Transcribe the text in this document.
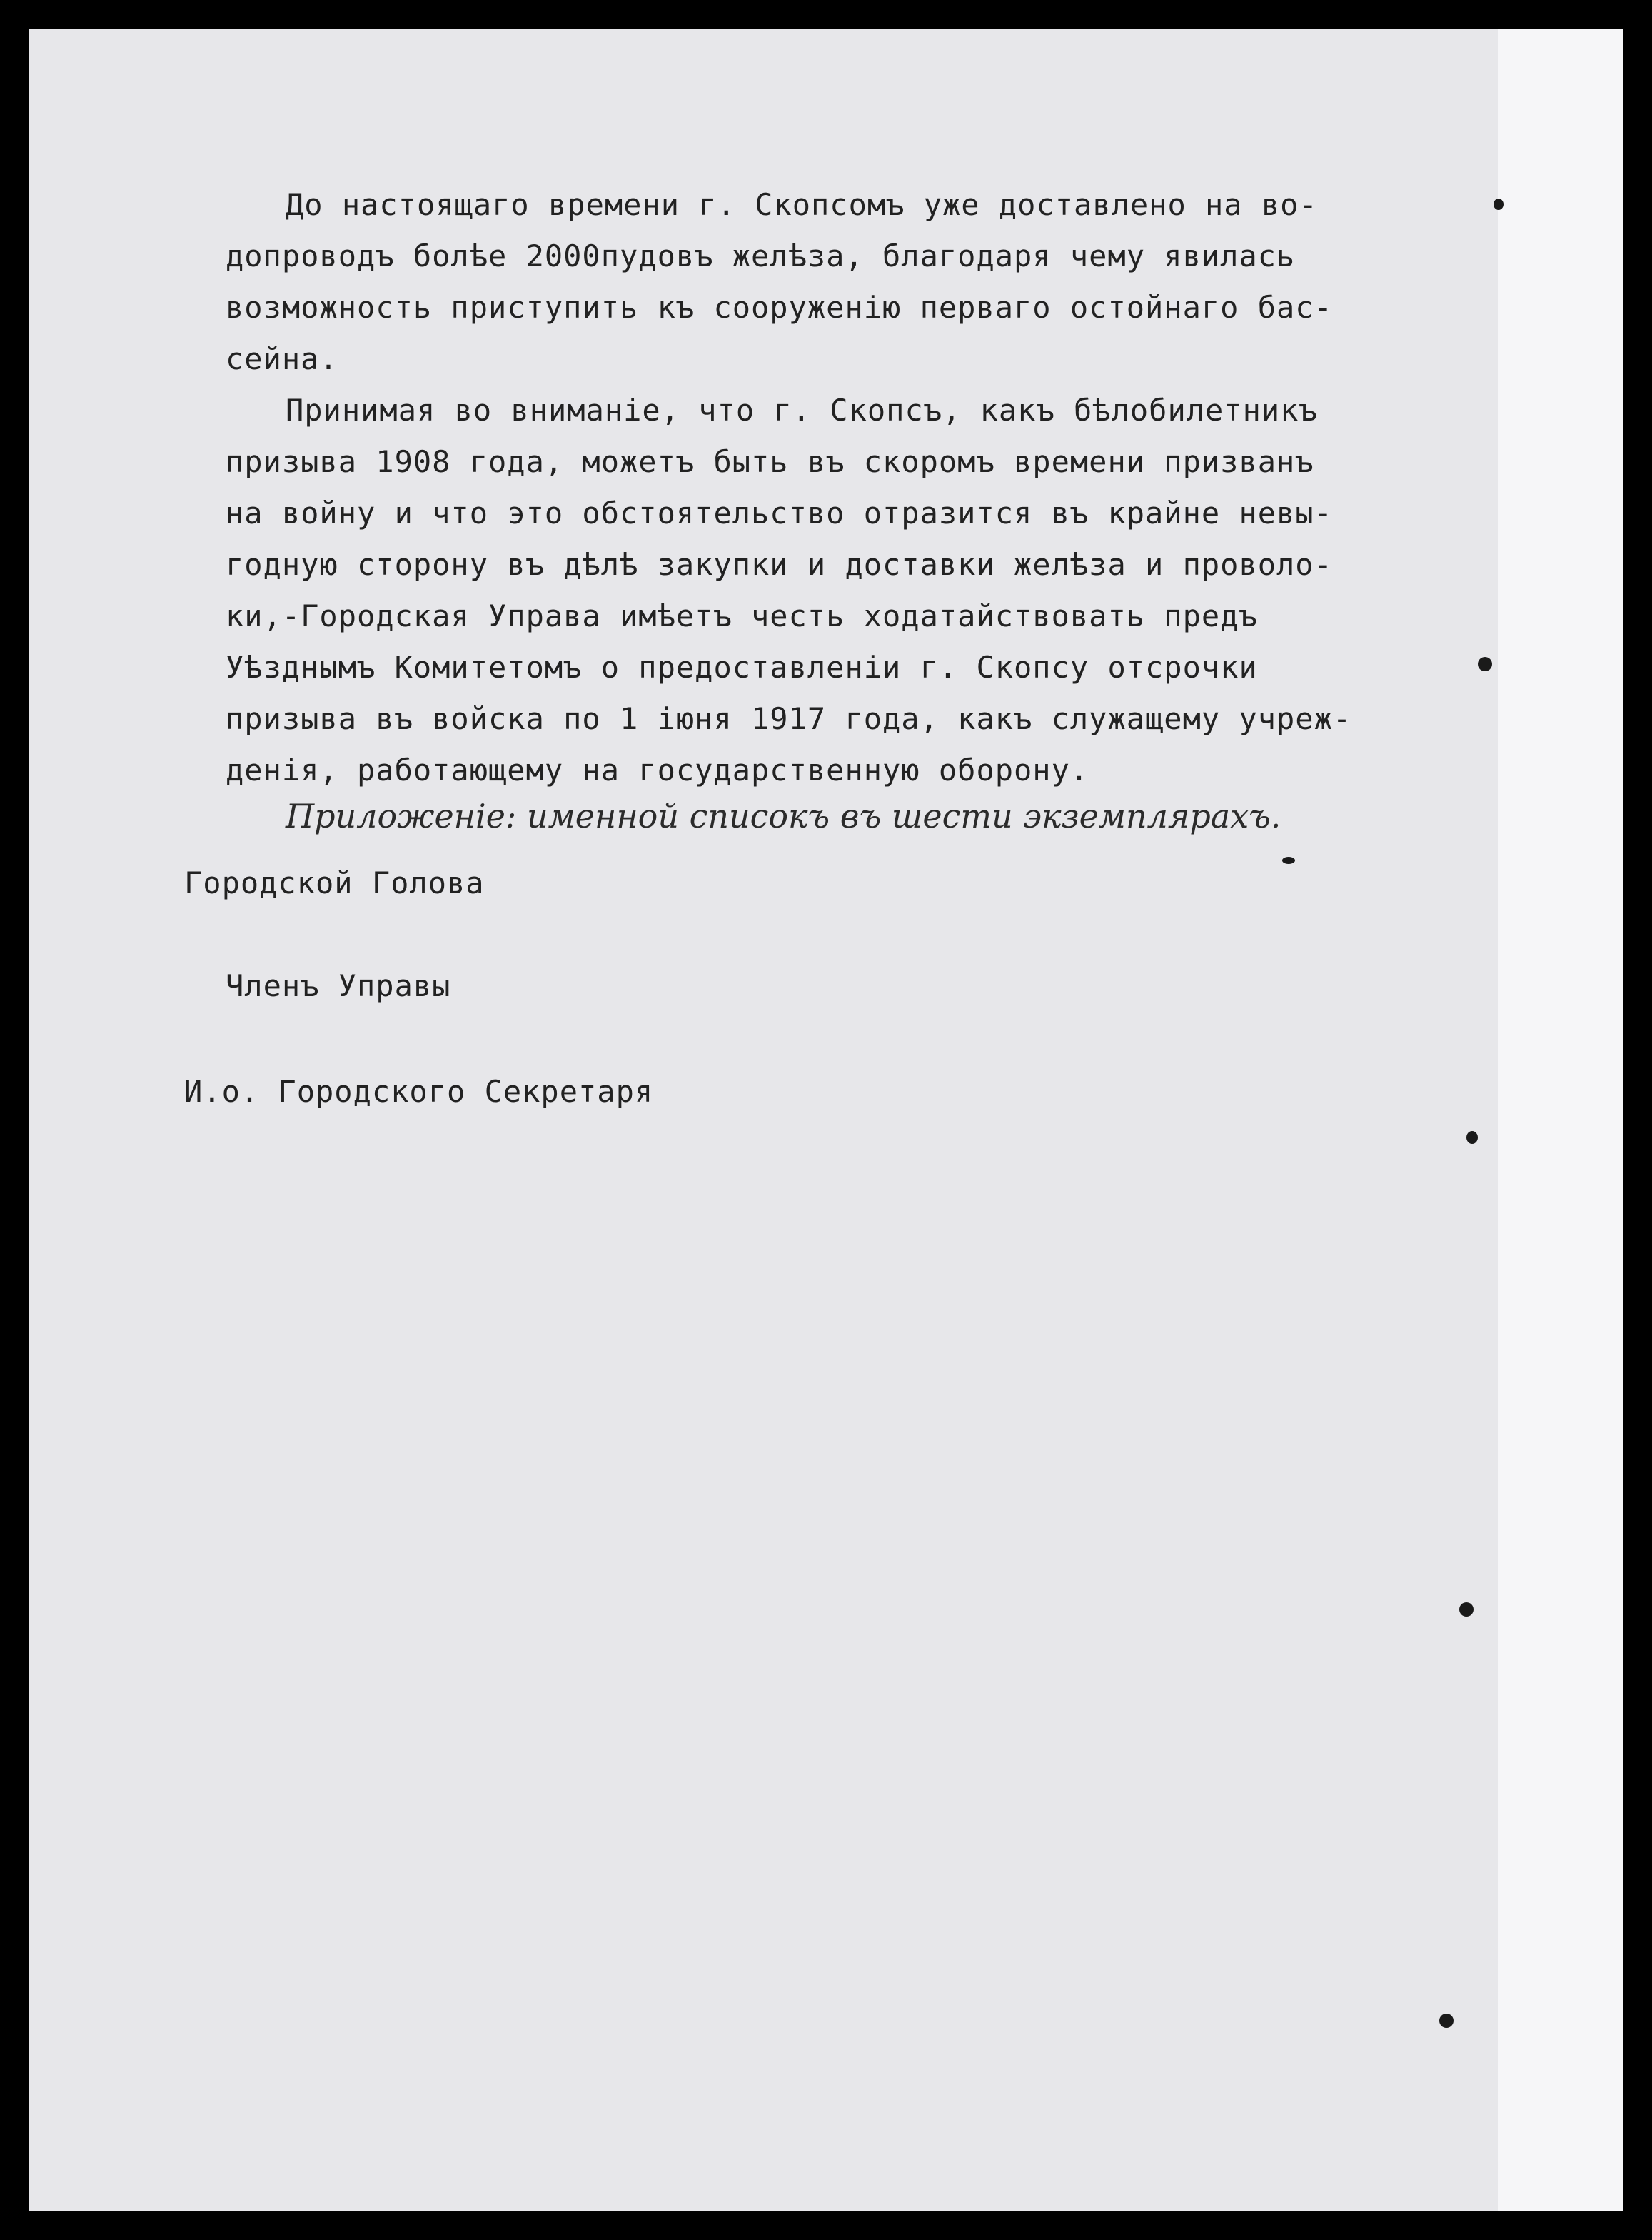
До настоящаго времени г. Скопсомъ уже доставлено на во-

допроводъ болѣе 2000пудовъ желѣза, благодаря чему явилась

возможность приступить къ сооруженію перваго остойнаго бас-

сейна.

Принимая во вниманіе, что г. Скопсъ, какъ бѣлобилетникъ

призыва 1908 года, можетъ быть въ скоромъ времени призванъ

на войну и что это обстоятельство отразится въ крайне невы-

годную сторону въ дѣлѣ закупки и доставки желѣза и проволо-

ки,-Городская Управа имѣетъ честь ходатайствовать предъ

Уѣзднымъ Комитетомъ о предоставленіи г. Скопсу отсрочки

призыва въ войска по 1 іюня 1917 года, какъ служащему учреж-

денія, работающему на государственную оборону.

Приложеніе: именной списокъ въ шести экземплярахъ.

Городской Голова

Членъ Управы

И.о. Городского Секретаря
